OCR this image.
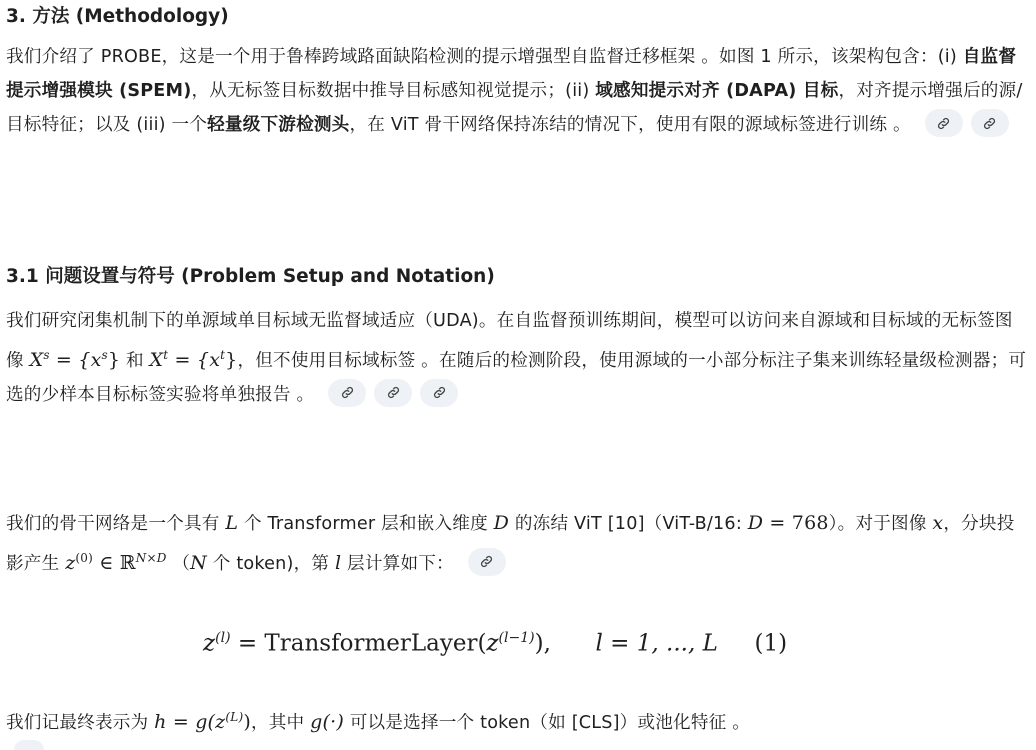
3. 方法 (Methodology)

我们介绍了 PROBE，这是一个用于鲁棒跨域路面缺陷检测的提示增强型自监督迁移框架 。如图 1 所示，该架构包含：(i) 自监督提示增强模块 (SPEM)，从无标签目标数据中推导目标感知视觉提示；(ii) 域感知提示对齐 (DAPA) 目标，对齐提示增强后的源/目标特征；以及 (iii) 一个轻量级下游检测头，在 ViT 骨干网络保持冻结的情况下，使用有限的源域标签进行训练 。

3.1 问题设置与符号 (Problem Setup and Notation)

我们研究闭集机制下的单源域单目标域无监督域适应（UDA)。在自监督预训练期间，模型可以访问来自源域和目标域的无标签图像 $X^s = \{x^s\}$ 和 $X^t = \{x^t\}$，但不使用目标域标签 。在随后的检测阶段，使用源域的一小部分标注子集来训练轻量级检测器；可选的少样本目标标签实验将单独报告 。

我们的骨干网络是一个具有 L 个 Transformer 层和嵌入维度 D 的冻结 ViT [10]（ViT-B/16: D = 768）。对于图像 x，分块投影产生 $z^{(0)}$ ∈ ℝ$^{N\times D}$ （N 个 token)，第 l 层计算如下：

$z^{(l)}$ = $TransformerLayer(z^{(l-1)})$, l = 1, ..., L (1)

我们记最终表示为 $h = g(z^{(L)})$，其中 g(·) 可以是选择一个 token（如 [CLS]）或池化特征 。
